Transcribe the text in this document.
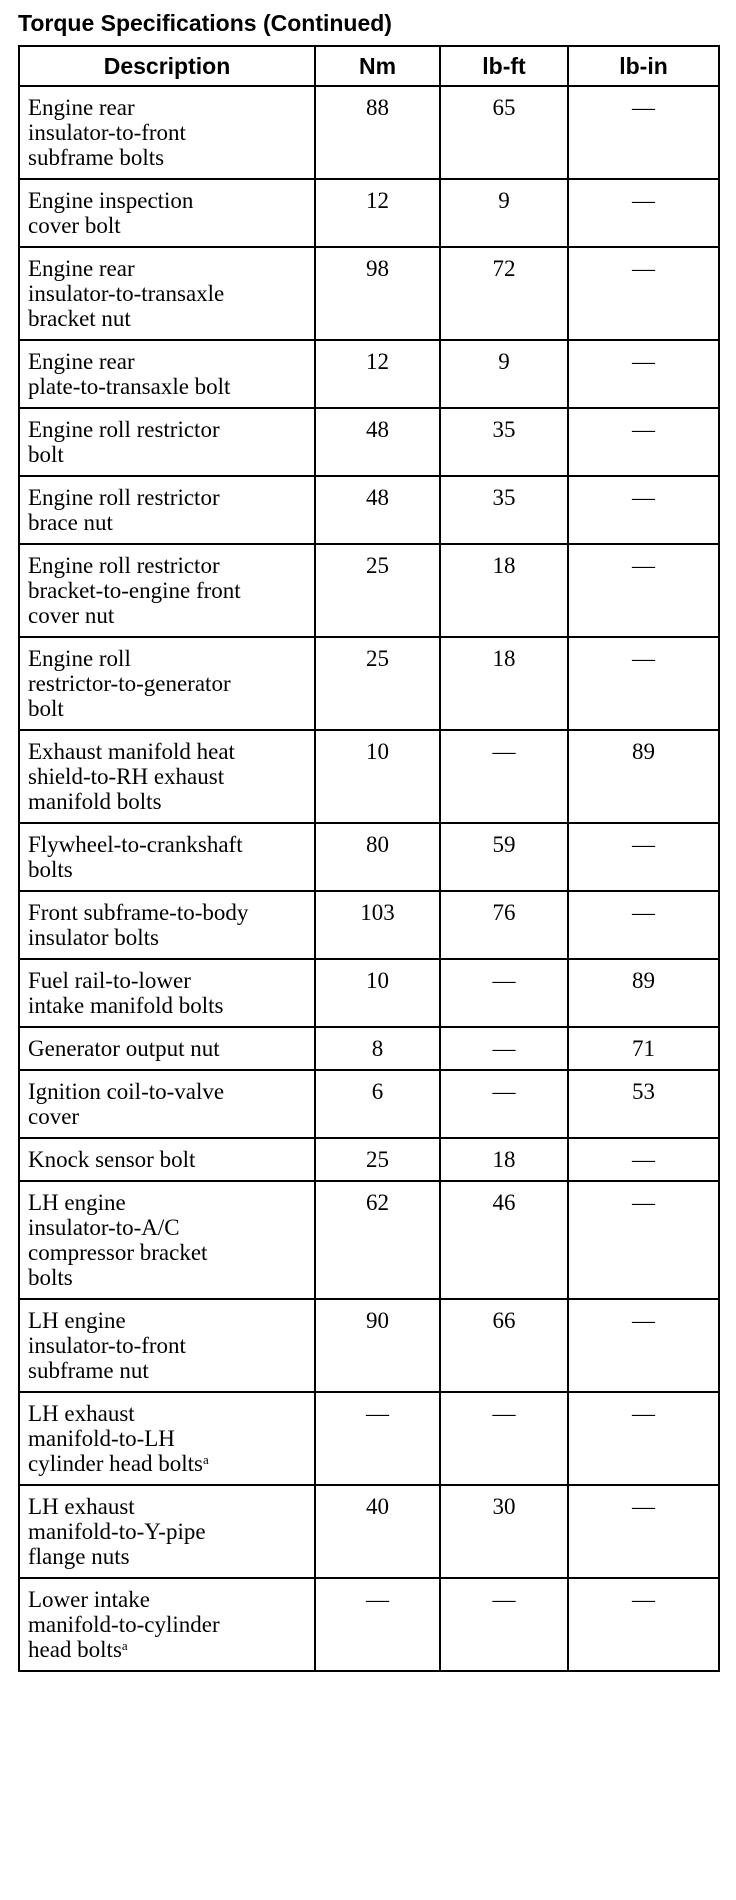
Torque Specifications (Continued)
Description	Nm	lb-ft	lb-in
Engine rear
insulator-to-front
subframe bolts	88	65	—
Engine inspection
cover bolt	12	9	—
Engine rear
insulator-to-transaxle
bracket nut	98	72	—
Engine rear
plate-to-transaxle bolt	12	9	—
Engine roll restrictor
bolt	48	35	—
Engine roll restrictor
brace nut	48	35	—
Engine roll restrictor
bracket-to-engine front
cover nut	25	18	—
Engine roll
restrictor-to-generator
bolt	25	18	—
Exhaust manifold heat
shield-to-RH exhaust
manifold bolts	10	—	89
Flywheel-to-crankshaft
bolts	80	59	—
Front subframe-to-body
insulator bolts	103	76	—
Fuel rail-to-lower
intake manifold bolts	10	—	89
Generator output nut	8	—	71
Ignition coil-to-valve
cover	6	—	53
Knock sensor bolt	25	18	—
LH engine
insulator-to-A/C
compressor bracket
bolts	62	46	—
LH engine
insulator-to-front
subframe nut	90	66	—
LH exhaust
manifold-to-LH
cylinder head bolts$^a$	—	—	—
LH exhaust
manifold-to-Y-pipe
flange nuts	40	30	—
Lower intake
manifold-to-cylinder
head bolts$^a$	—	—	—
